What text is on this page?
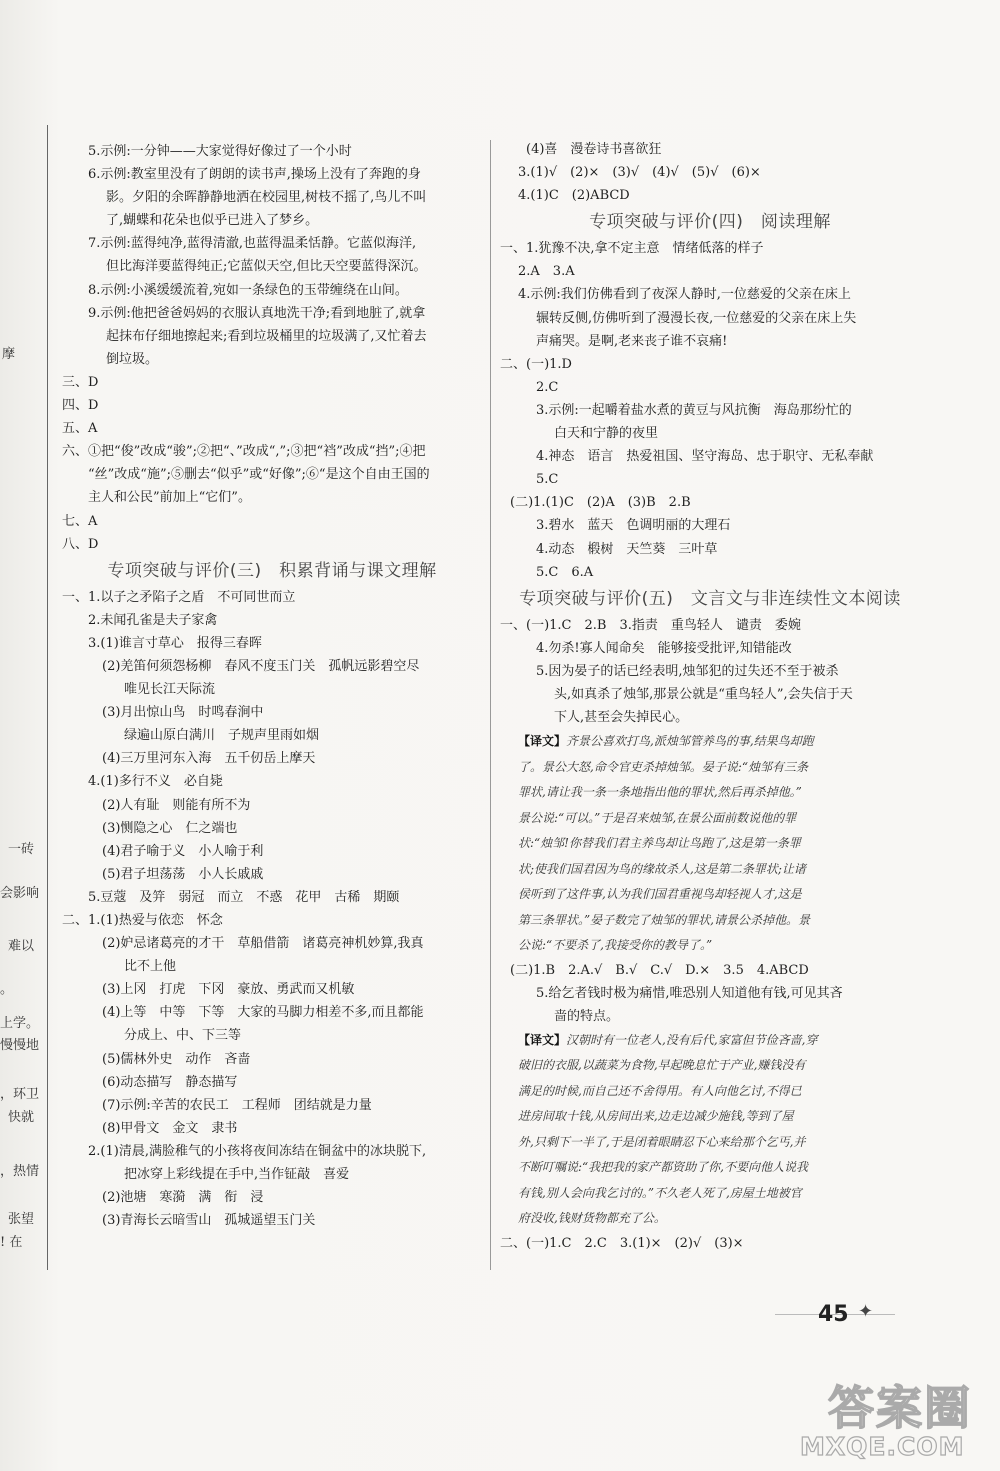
摩
一砖
会影响
难以
。
上学。
慢慢地
，环卫
快就
，热情
张望
! 在
5.示例:一分钟——大家觉得好像过了一个小时
6.示例:教室里没有了朗朗的读书声,操场上没有了奔跑的身
影。夕阳的余晖静静地洒在校园里,树枝不摇了,鸟儿不叫
了,蝴蝶和花朵也似乎已进入了梦乡。
7.示例:蓝得纯净,蓝得清澈,也蓝得温柔恬静。它蓝似海洋,
但比海洋要蓝得纯正;它蓝似天空,但比天空要蓝得深沉。
8.示例:小溪缓缓流着,宛如一条绿色的玉带缠绕在山间。
9.示例:他把爸爸妈妈的衣服认真地洗干净;看到地脏了,就拿
起抹布仔细地擦起来;看到垃圾桶里的垃圾满了,又忙着去
倒垃圾。
三、D
四、D
五、A
六、①把“俊”改成“骏”;②把“、”改成“,”;③把“裆”改成“挡”;④把
“丝”改成“施”;⑤删去“似乎”或“好像”;⑥“是这个自由王国的
主人和公民”前加上“它们”。
七、A
八、D
专项突破与评价(三)　积累背诵与课文理解
一、1.以子之矛陷子之盾　不可同世而立
2.未闻孔雀是夫子家禽
3.(1)谁言寸草心　报得三春晖
(2)羌笛何须怨杨柳　春风不度玉门关　孤帆远影碧空尽
唯见长江天际流
(3)月出惊山鸟　时鸣春涧中
绿遍山原白满川　子规声里雨如烟
(4)三万里河东入海　五千仞岳上摩天
4.(1)多行不义　必自毙
(2)人有耻　则能有所不为
(3)恻隐之心　仁之端也
(4)君子喻于义　小人喻于利
(5)君子坦荡荡　小人长戚戚
5.豆蔻　及笄　弱冠　而立　不惑　花甲　古稀　期颐
二、1.(1)热爱与依恋　怀念
(2)妒忌诸葛亮的才干　草船借箭　诸葛亮神机妙算,我真
比不上他
(3)上冈　打虎　下冈　豪放、勇武而又机敏
(4)上等　中等　下等　大家的马脚力相差不多,而且都能
分成上、中、下三等
(5)儒林外史　动作　吝啬
(6)动态描写　静态描写
(7)示例:辛苦的农民工　工程师　团结就是力量
(8)甲骨文　金文　隶书
2.(1)清晨,满脸稚气的小孩将夜间冻结在铜盆中的冰块脱下,
把冰穿上彩线提在手中,当作钲敲　喜爱
(2)池塘　寒漪　满　衔　浸
(3)青海长云暗雪山　孤城遥望玉门关
(4)喜　漫卷诗书喜欲狂
3.(1)√　(2)×　(3)√　(4)√　(5)√　(6)×
4.(1)C　(2)ABCD
专项突破与评价(四)　阅读理解
一、1.犹豫不决,拿不定主意　情绪低落的样子
2.A　3.A
4.示例:我们仿佛看到了夜深人静时,一位慈爱的父亲在床上
辗转反侧,仿佛听到了漫漫长夜,一位慈爱的父亲在床上失
声痛哭。是啊,老来丧子谁不哀痛!
二、(一)1.D
2.C
3.示例:一起嚼着盐水煮的黄豆与风抗衡　海岛那纷忙的
白天和宁静的夜里
4.神态　语言　热爱祖国、坚守海岛、忠于职守、无私奉献
5.C
(二)1.(1)C　(2)A　(3)B　2.B
3.碧水　蓝天　色调明丽的大理石
4.动态　椴树　天竺葵　三叶草
5.C　6.A
专项突破与评价(五)　文言文与非连续性文本阅读
一、(一)1.C　2.B　3.指责　重鸟轻人　谴责　委婉
4.勿杀!寡人闻命矣　能够接受批评,知错能改
5.因为晏子的话已经表明,烛邹犯的过失还不至于被杀
头,如真杀了烛邹,那景公就是“重鸟轻人”,会失信于天
下人,甚至会失掉民心。
【译文】齐景公喜欢打鸟,派烛邹管养鸟的事,结果鸟却跑
了。景公大怒,命令官吏杀掉烛邹。晏子说:“烛邹有三条
罪状,请让我一条一条地指出他的罪状,然后再杀掉他。”
景公说:“可以。”于是召来烛邹,在景公面前数说他的罪
状:“烛邹!你替我们君主养鸟却让鸟跑了,这是第一条罪
状;使我们国君因为鸟的缘故杀人,这是第二条罪状;让诸
侯听到了这件事,认为我们国君重视鸟却轻视人才,这是
第三条罪状。”晏子数完了烛邹的罪状,请景公杀掉他。景
公说:“不要杀了,我接受你的教导了。”
(二)1.B　2.A.√　B.√　C.√　D.×　3.5　4.ABCD
5.给乞者钱时极为痛惜,唯恐别人知道他有钱,可见其吝
啬的特点。
【译文】汉朝时有一位老人,没有后代,家富但节俭吝啬,穿
破旧的衣服,以蔬菜为食物,早起晚息忙于产业,赚钱没有
满足的时候,而自己还不舍得用。有人向他乞讨,不得已
进房间取十钱,从房间出来,边走边减少施钱,等到了屋
外,只剩下一半了,于是闭着眼睛忍下心来给那个乞丐,并
不断叮嘱说:“我把我的家产都资助了你,不要向他人说我
有钱,别人会向我乞讨的。”不久老人死了,房屋土地被官
府没收,钱财货物都充了公。
二、(一)1.C　2.C　3.(1)×　(2)√　(3)×
45 ✦
答案圈
MXQE.COM
